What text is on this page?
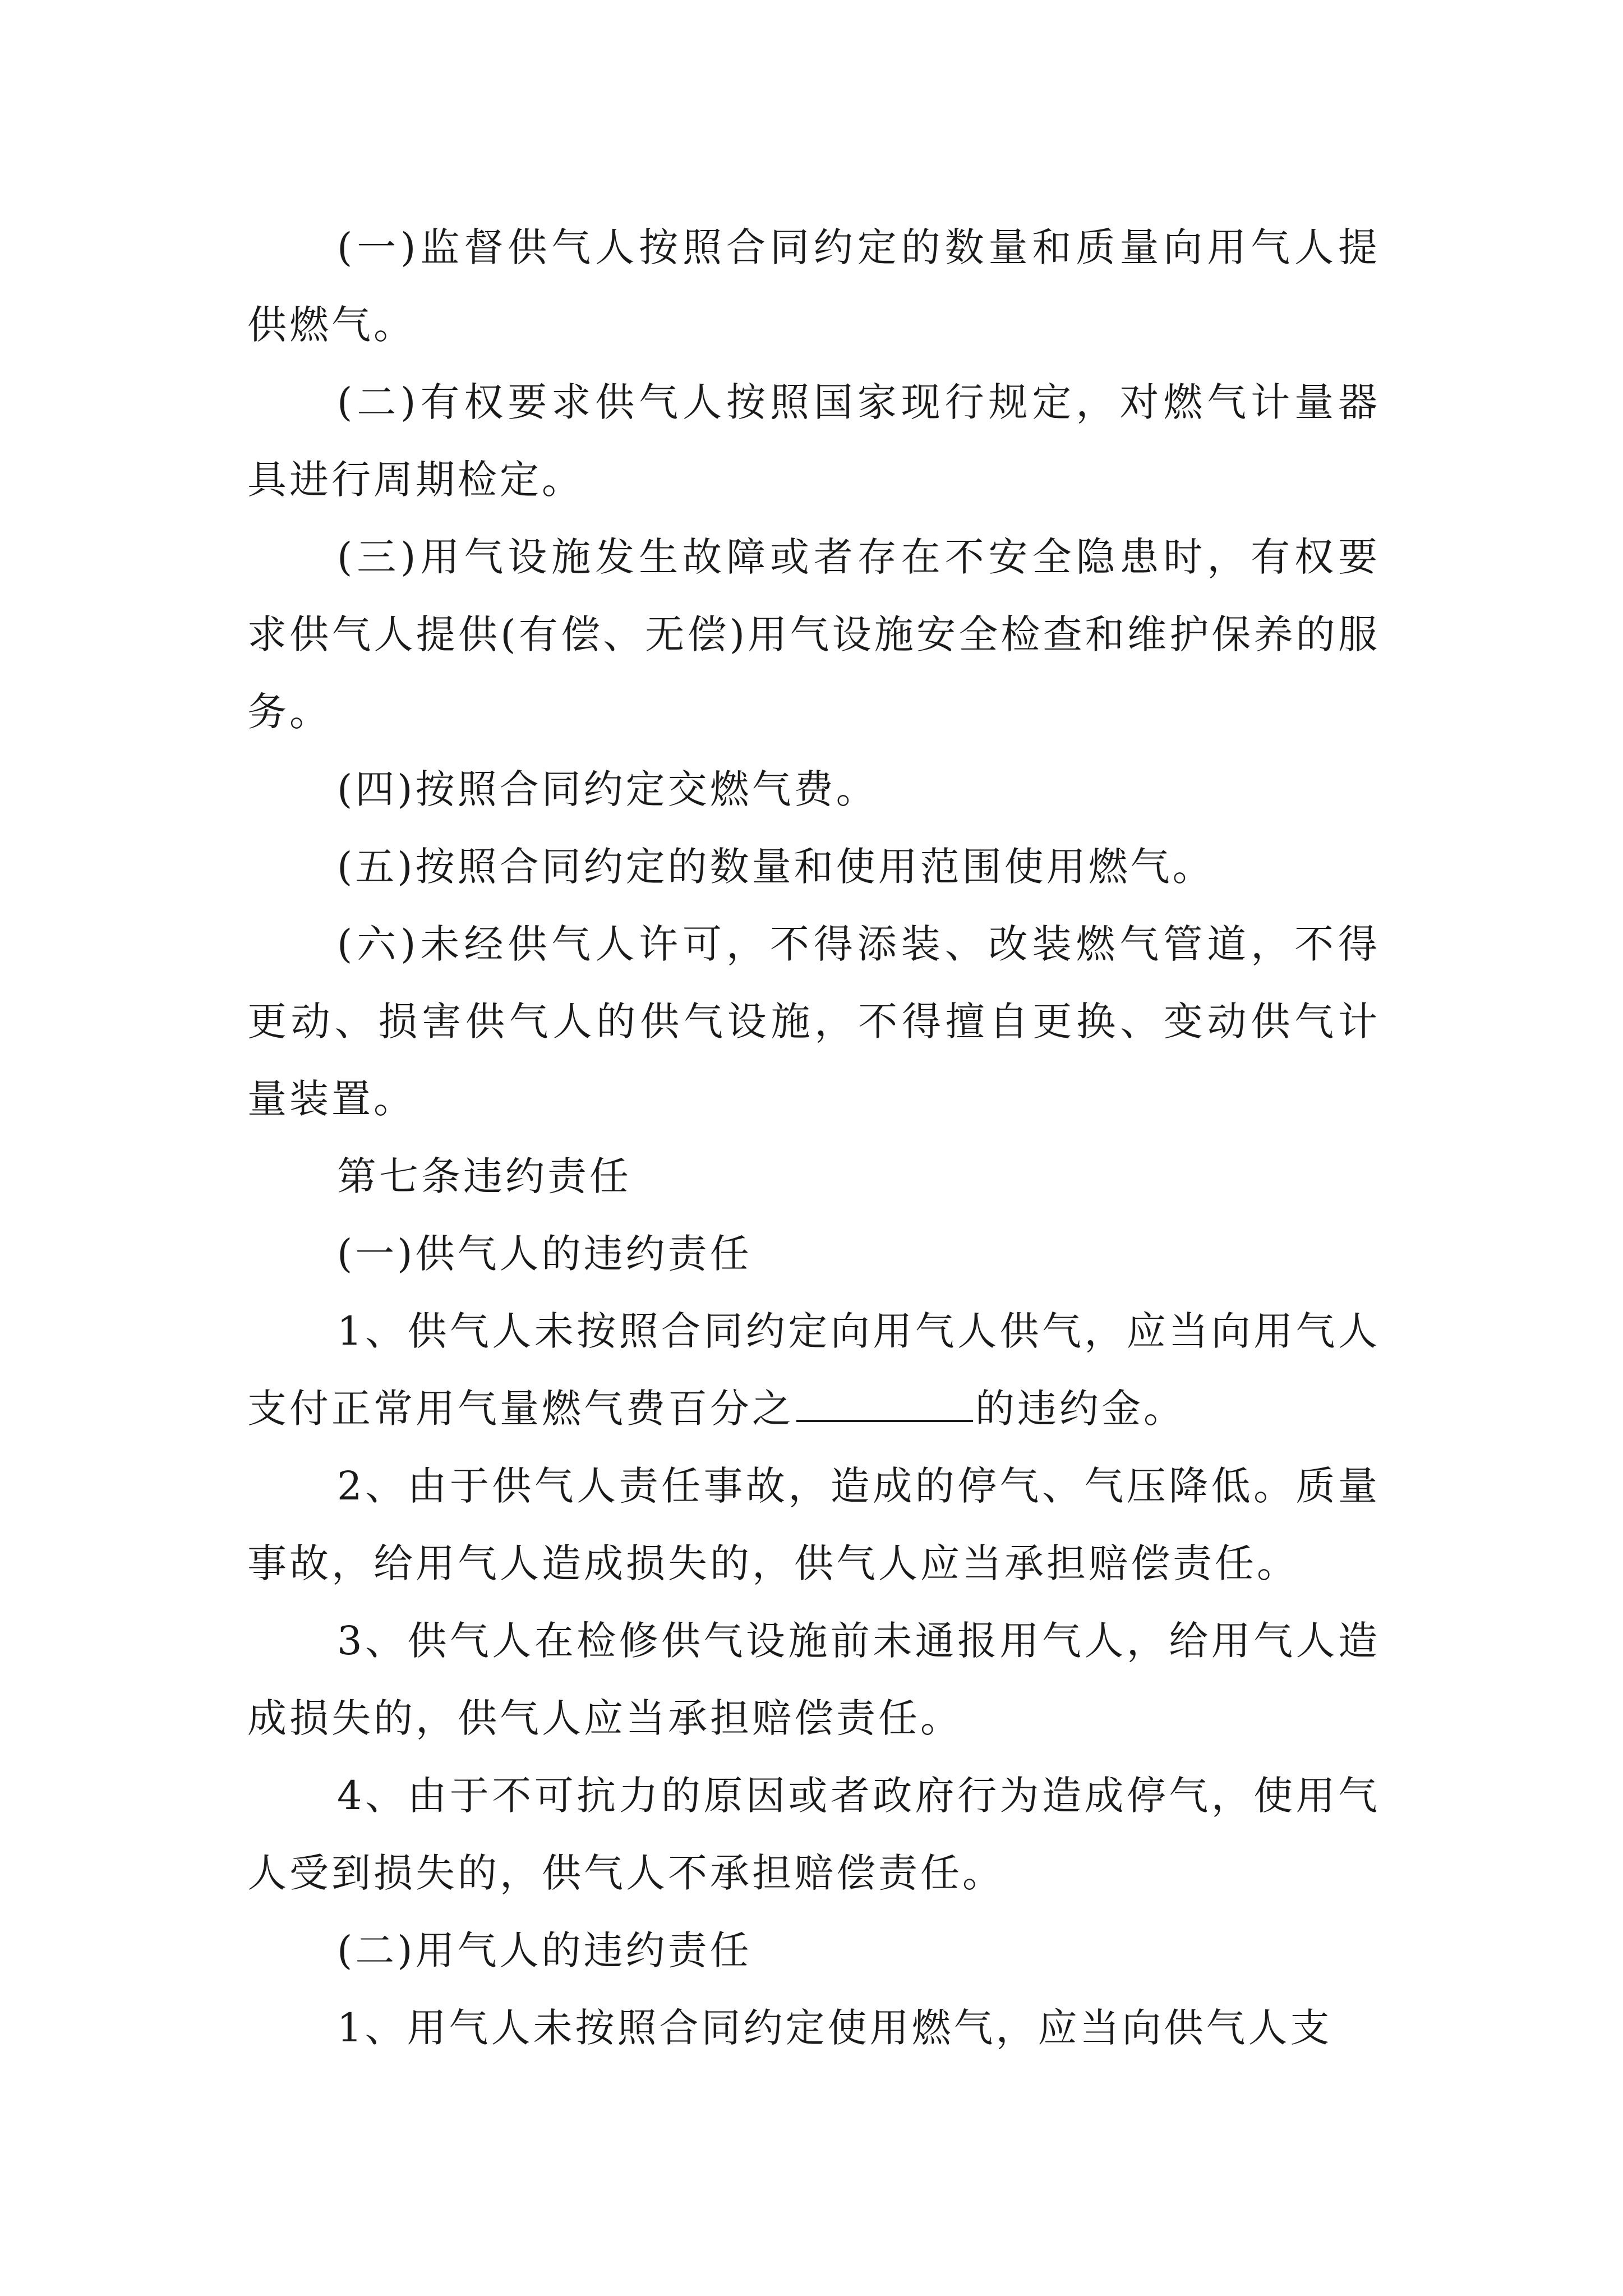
(一)监督供气人按照合同约定的数量和质量向用气人提供燃气。

(二)有权要求供气人按照国家现行规定，对燃气计量器具进行周期检定。

(三)用气设施发生故障或者存在不安全隐患时，有权要求供气人提供(有偿、无偿)用气设施安全检查和维护保养的服务。

(四)按照合同约定交燃气费。

(五)按照合同约定的数量和使用范围使用燃气。

(六)未经供气人许可，不得添装、改装燃气管道，不得更动、损害供气人的供气设施，不得擅自更换、变动供气计量装置。

第七条违约责任

(一)供气人的违约责任

1、供气人未按照合同约定向用气人供气，应当向用气人支付正常用气量燃气费百分之	的违约金。

2、由于供气人责任事故，造成的停气、气压降低。质量事故，给用气人造成损失的，供气人应当承担赔偿责任。

3、供气人在检修供气设施前未通报用气人，给用气人造成损失的，供气人应当承担赔偿责任。

4、由于不可抗力的原因或者政府行为造成停气，使用气人受到损失的，供气人不承担赔偿责任。

(二)用气人的违约责任

1、用气人未按照合同约定使用燃气，应当向供气人支
